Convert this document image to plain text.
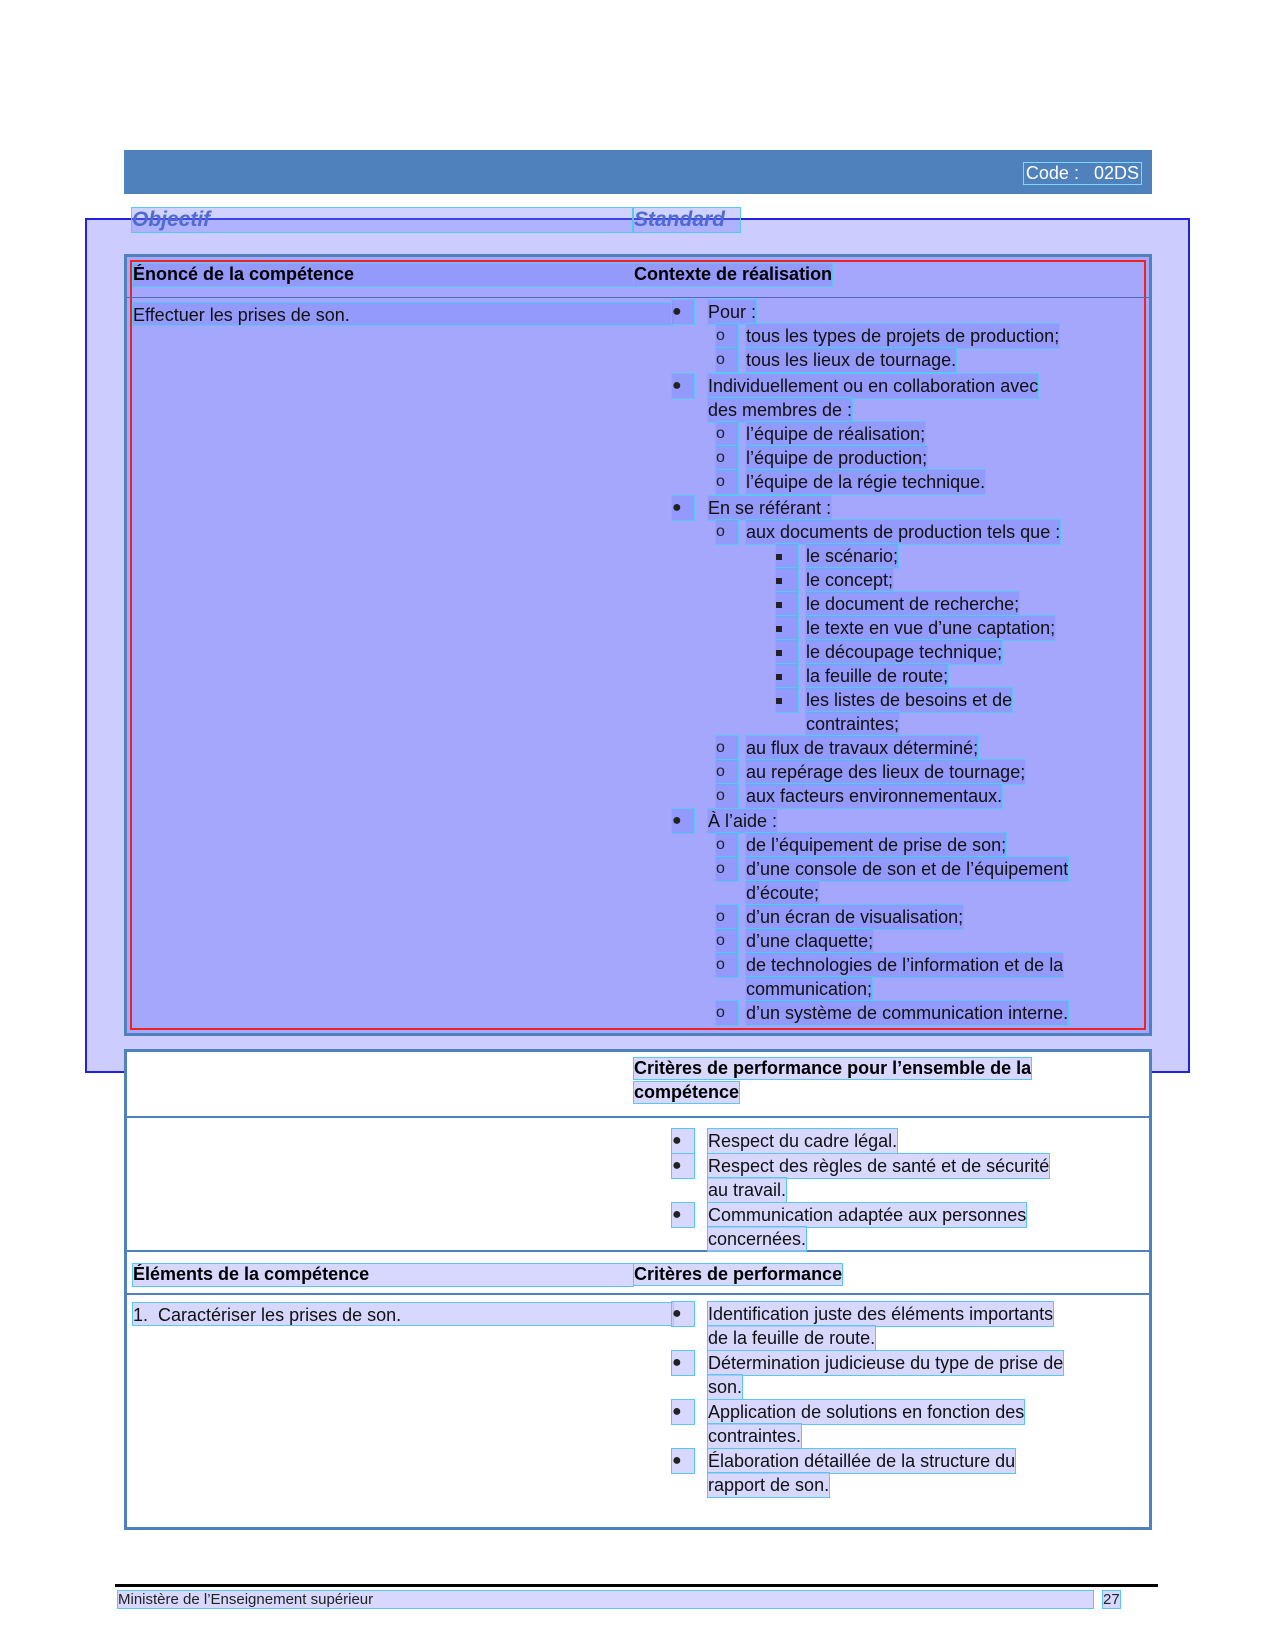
Code : 02DS
Objectif	Standard
Énoncé de la compétence	Contexte de réalisation
Effectuer les prises de son.	●	Pour :
o	tous les types de projets de production;
o	tous les lieux de tournage.
●	Individuellement ou en collaboration avec
des membres de :
o	l’équipe de réalisation;
o	l’équipe de production;
o	l’équipe de la régie technique.
●	En se référant :
o	aux documents de production tels que :
le scénario;
le concept;
le document de recherche;
le texte en vue d’une captation;
le découpage technique;
la feuille de route;
les listes de besoins et de
contraintes;
o	au flux de travaux déterminé;
o	au repérage des lieux de tournage;
o	aux facteurs environnementaux.
●	À l’aide :
o	de l’équipement de prise de son;
o	d’une console de son et de l’équipement
d’écoute;
o	d’un écran de visualisation;
o	d’une claquette;
o	de technologies de l’information et de la
communication;
o	d’un système de communication interne.
Critères de performance pour l’ensemble de la
compétence
●	Respect du cadre légal.
●	Respect des règles de santé et de sécurité
au travail.
●	Communication adaptée aux personnes
concernées.
Éléments de la compétence	Critères de performance
1. Caractériser les prises de son.	●	Identification juste des éléments importants
de la feuille de route.
●	Détermination judicieuse du type de prise de
son.
●	Application de solutions en fonction des
contraintes.
●	Élaboration détaillée de la structure du
rapport de son.
Ministère de l’Enseignement supérieur	27
